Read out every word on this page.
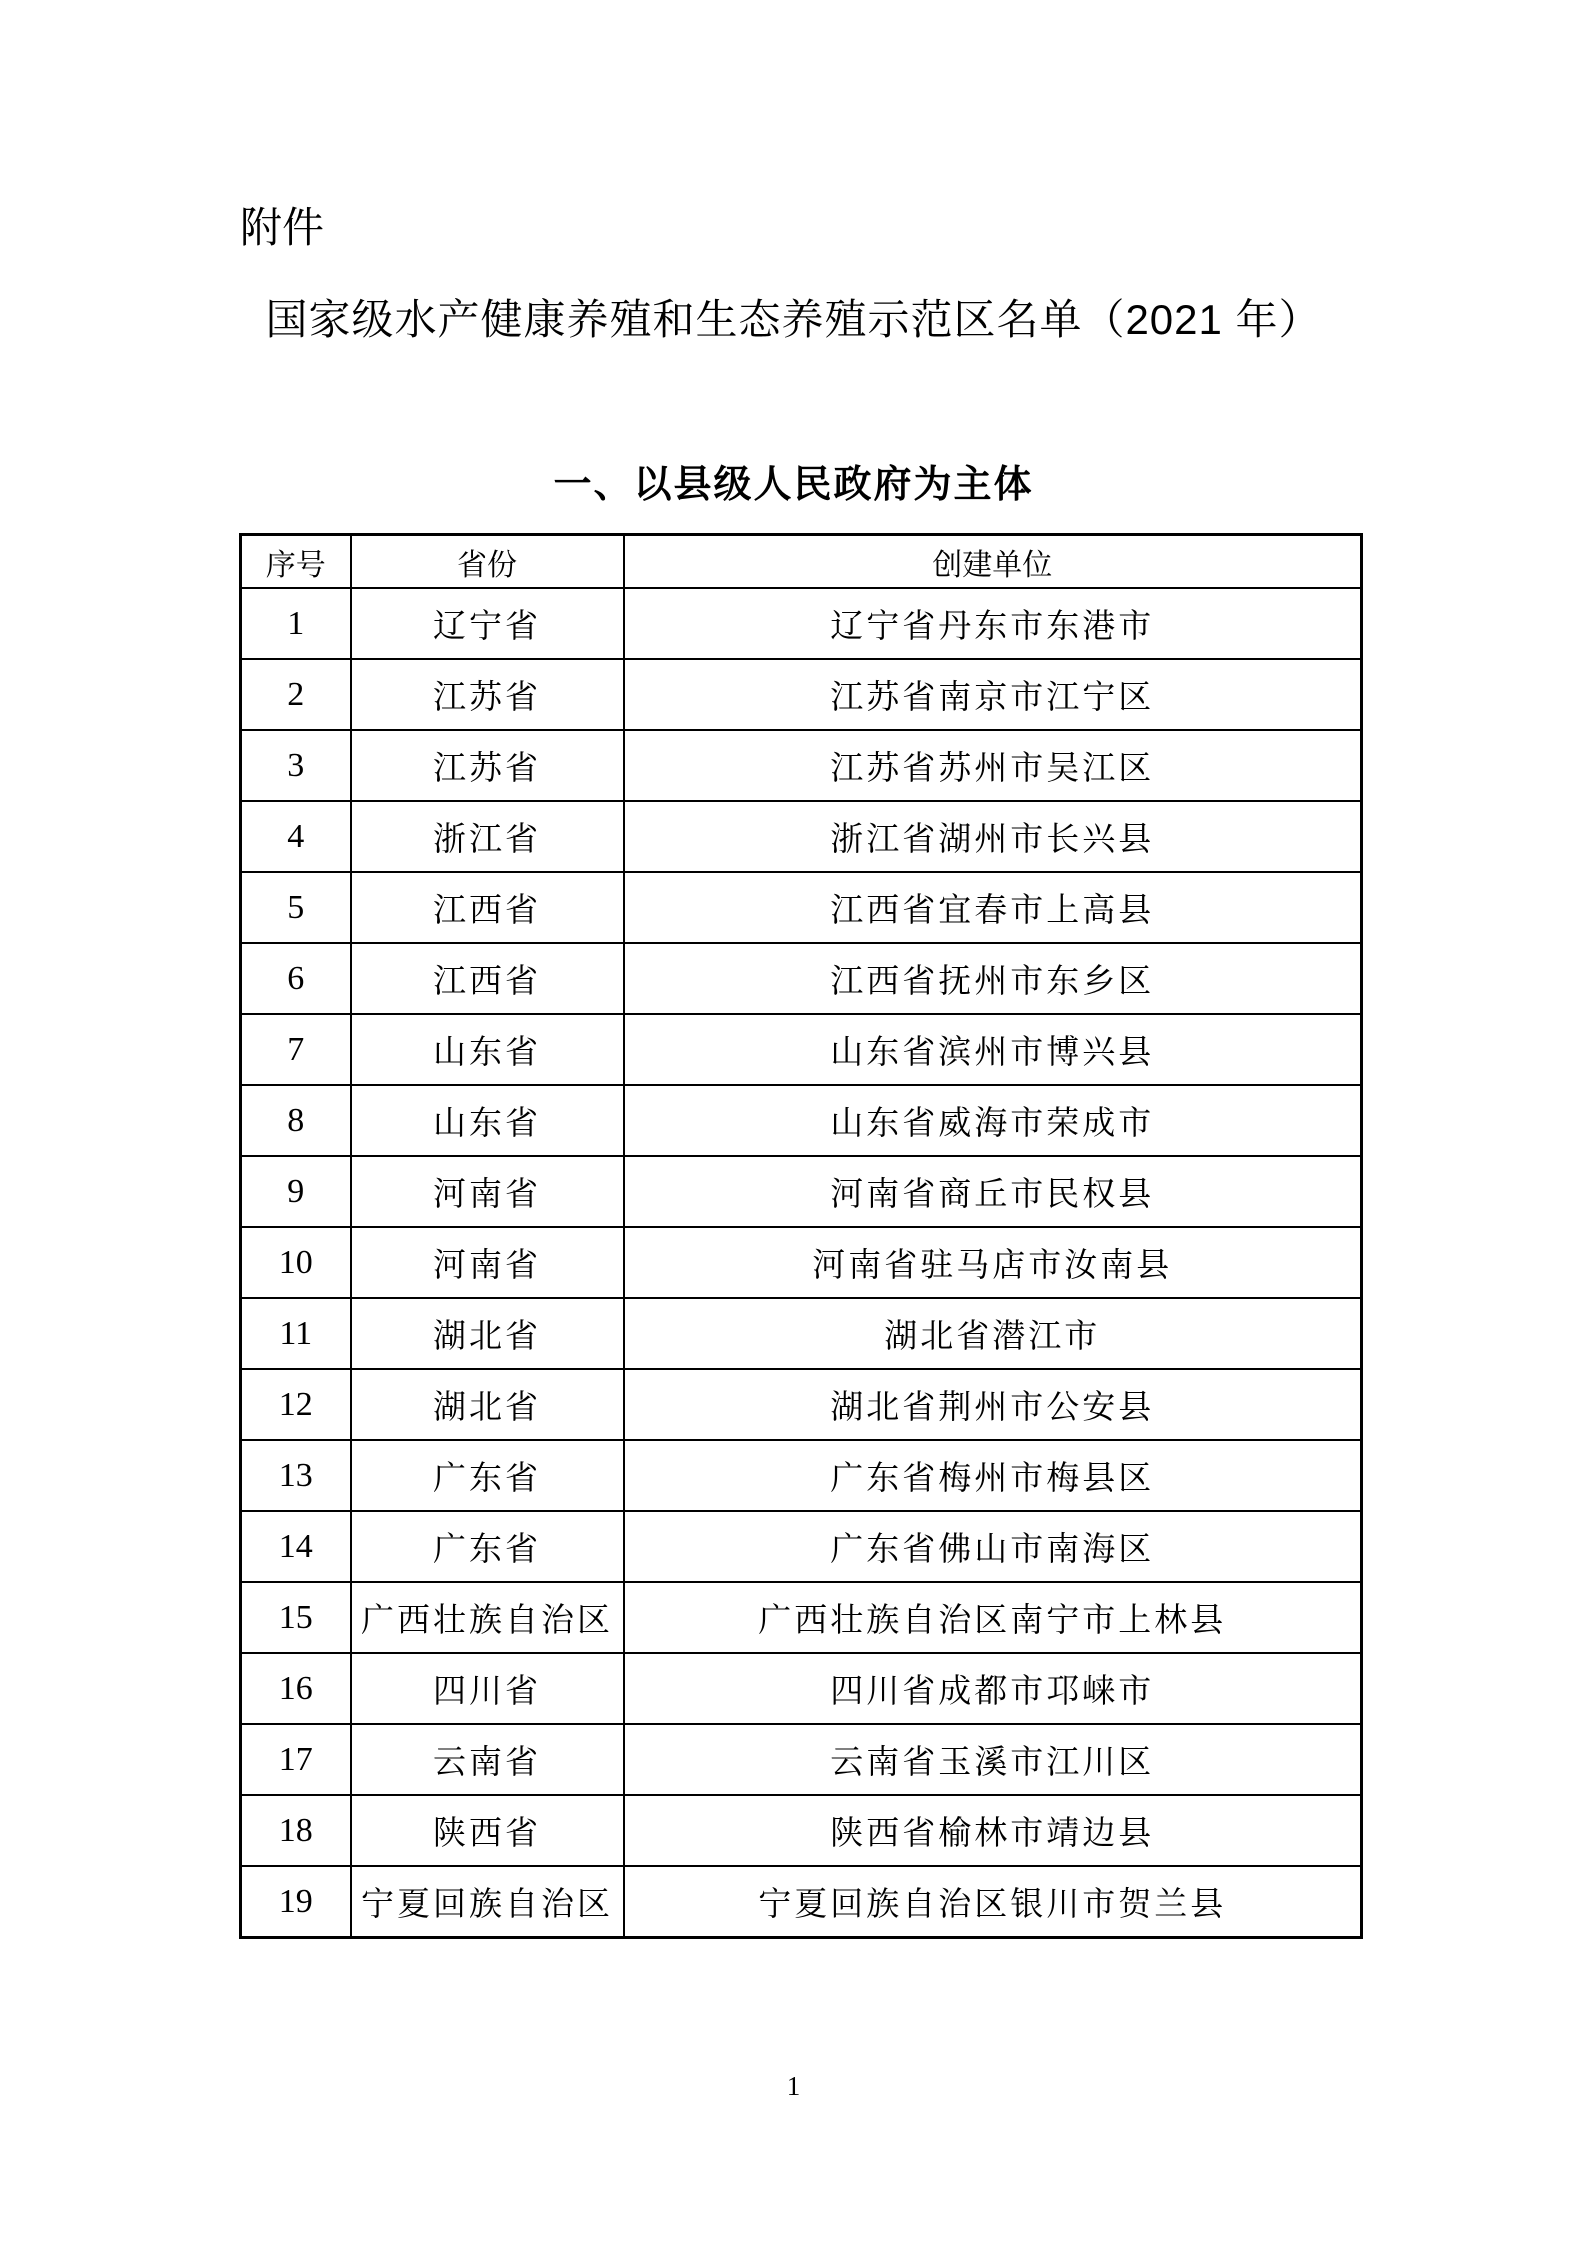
附件
国家级水产健康养殖和生态养殖示范区名单（2021 年）
一、以县级人民政府为主体
序号	省份	创建单位
1	辽宁省	辽宁省丹东市东港市
2	江苏省	江苏省南京市江宁区
3	江苏省	江苏省苏州市吴江区
4	浙江省	浙江省湖州市长兴县
5	江西省	江西省宜春市上高县
6	江西省	江西省抚州市东乡区
7	山东省	山东省滨州市博兴县
8	山东省	山东省威海市荣成市
9	河南省	河南省商丘市民权县
10	河南省	河南省驻马店市汝南县
11	湖北省	湖北省潜江市
12	湖北省	湖北省荆州市公安县
13	广东省	广东省梅州市梅县区
14	广东省	广东省佛山市南海区
15	广西壮族自治区	广西壮族自治区南宁市上林县
16	四川省	四川省成都市邛崃市
17	云南省	云南省玉溪市江川区
18	陕西省	陕西省榆林市靖边县
19	宁夏回族自治区	宁夏回族自治区银川市贺兰县
1
